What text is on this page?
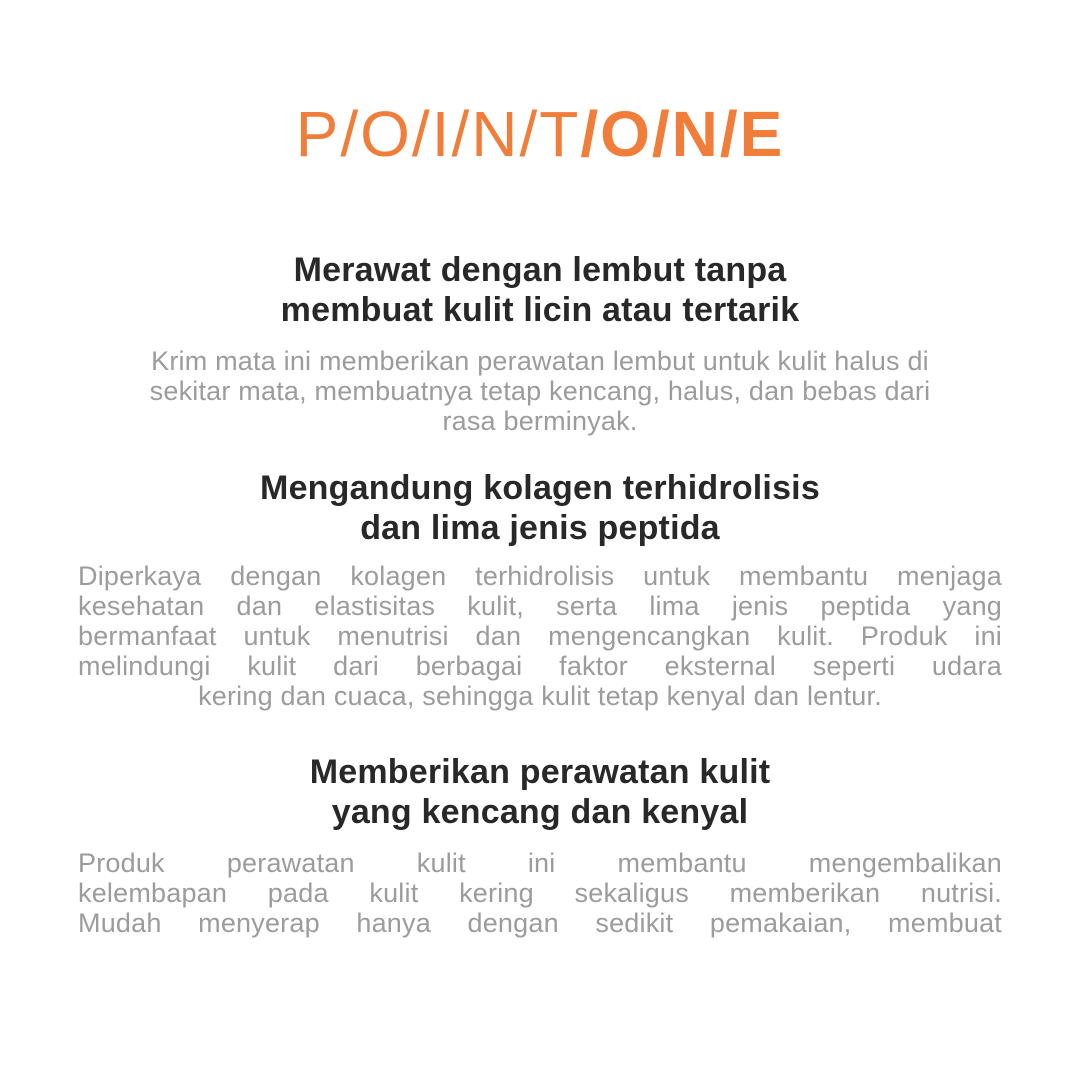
P/O/I/N/T/O/N/E
Merawat dengan lembut tanpa
membuat kulit licin atau tertarik
Krim mata ini memberikan perawatan lembut untuk kulit halus di
sekitar mata, membuatnya tetap kencang, halus, dan bebas dari
rasa berminyak.
Mengandung kolagen terhidrolisis
dan lima jenis peptida
Diperkaya dengan kolagen terhidrolisis untuk membantu menjaga
kesehatan dan elastisitas kulit, serta lima jenis peptida yang
bermanfaat untuk menutrisi dan mengencangkan kulit. Produk ini
melindungi kulit dari berbagai faktor eksternal seperti udara
kering dan cuaca, sehingga kulit tetap kenyal dan lentur.
Memberikan perawatan kulit
yang kencang dan kenyal
Produk perawatan kulit ini membantu mengembalikan
kelembapan pada kulit kering sekaligus memberikan nutrisi.
Mudah menyerap hanya dengan sedikit pemakaian, membuat
